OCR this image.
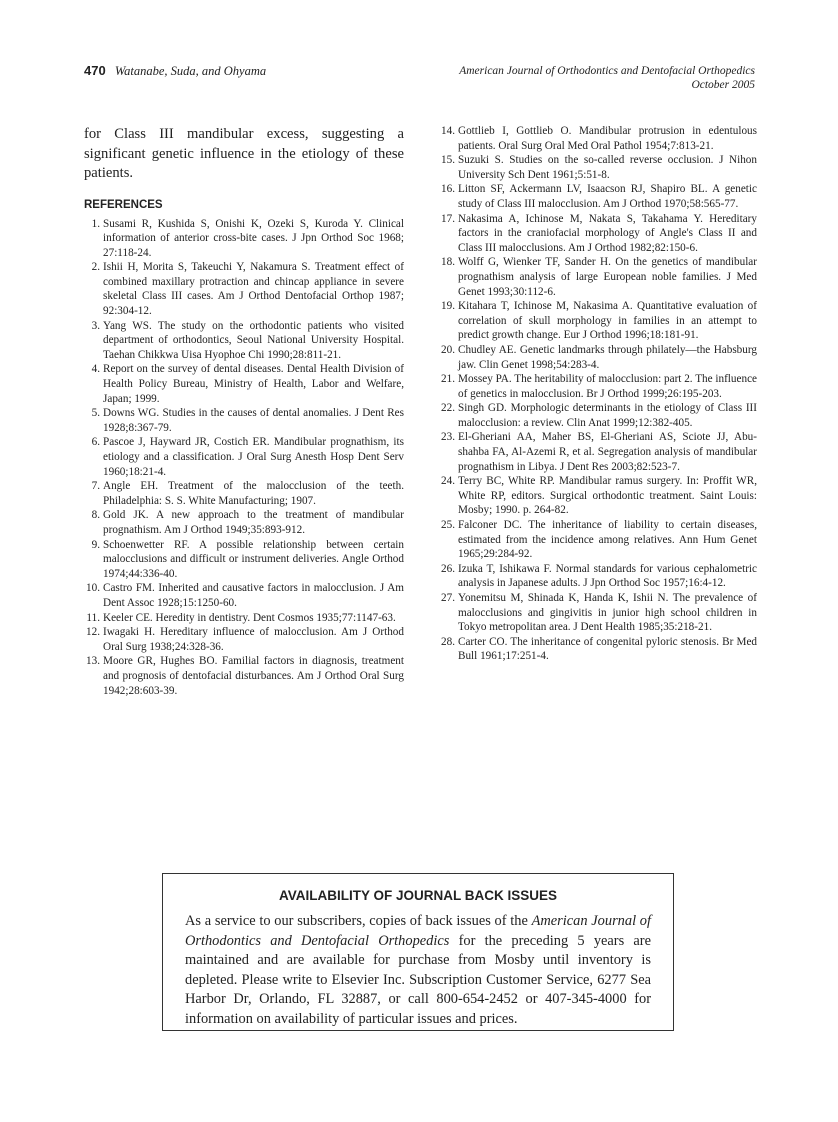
470 Watanabe, Suda, and Ohyama	American Journal of Orthodontics and Dentofacial Orthopedics
October 2005

for Class III mandibular excess, suggesting a significant genetic influence in the etiology of these patients.

REFERENCES
1. Susami R, Kushida S, Onishi K, Ozeki S, Kuroda Y. Clinical information of anterior cross-bite cases. J Jpn Orthod Soc 1968; 27:118-24.
2. Ishii H, Morita S, Takeuchi Y, Nakamura S. Treatment effect of combined maxillary protraction and chincap appliance in severe skeletal Class III cases. Am J Orthod Dentofacial Orthop 1987; 92:304-12.
3. Yang WS. The study on the orthodontic patients who visited department of orthodontics, Seoul National University Hospital. Taehan Chikkwa Uisa Hyophoe Chi 1990;28:811-21.
4. Report on the survey of dental diseases. Dental Health Division of Health Policy Bureau, Ministry of Health, Labor and Welfare, Japan; 1999.
5. Downs WG. Studies in the causes of dental anomalies. J Dent Res 1928;8:367-79.
6. Pascoe J, Hayward JR, Costich ER. Mandibular prognathism, its etiology and a classification. J Oral Surg Anesth Hosp Dent Serv 1960;18:21-4.
7. Angle EH. Treatment of the malocclusion of the teeth. Philadelphia: S. S. White Manufacturing; 1907.
8. Gold JK. A new approach to the treatment of mandibular prognathism. Am J Orthod 1949;35:893-912.
9. Schoenwetter RF. A possible relationship between certain malocclusions and difficult or instrument deliveries. Angle Orthod 1974;44:336-40.
10. Castro FM. Inherited and causative factors in malocclusion. J Am Dent Assoc 1928;15:1250-60.
11. Keeler CE. Heredity in dentistry. Dent Cosmos 1935;77:1147-63.
12. Iwagaki H. Hereditary influence of malocclusion. Am J Orthod Oral Surg 1938;24:328-36.
13. Moore GR, Hughes BO. Familial factors in diagnosis, treatment and prognosis of dentofacial disturbances. Am J Orthod Oral Surg 1942;28:603-39.
14. Gottlieb I, Gottlieb O. Mandibular protrusion in edentulous patients. Oral Surg Oral Med Oral Pathol 1954;7:813-21.
15. Suzuki S. Studies on the so-called reverse occlusion. J Nihon University Sch Dent 1961;5:51-8.
16. Litton SF, Ackermann LV, Isaacson RJ, Shapiro BL. A genetic study of Class III malocclusion. Am J Orthod 1970;58:565-77.
17. Nakasima A, Ichinose M, Nakata S, Takahama Y. Hereditary factors in the craniofacial morphology of Angle's Class II and Class III malocclusions. Am J Orthod 1982;82:150-6.
18. Wolff G, Wienker TF, Sander H. On the genetics of mandibular prognathism analysis of large European noble families. J Med Genet 1993;30:112-6.
19. Kitahara T, Ichinose M, Nakasima A. Quantitative evaluation of correlation of skull morphology in families in an attempt to predict growth change. Eur J Orthod 1996;18:181-91.
20. Chudley AE. Genetic landmarks through philately—the Habsburg jaw. Clin Genet 1998;54:283-4.
21. Mossey PA. The heritability of malocclusion: part 2. The influence of genetics in malocclusion. Br J Orthod 1999;26:195-203.
22. Singh GD. Morphologic determinants in the etiology of Class III malocclusion: a review. Clin Anat 1999;12:382-405.
23. El-Gheriani AA, Maher BS, El-Gheriani AS, Sciote JJ, Abu-shahba FA, Al-Azemi R, et al. Segregation analysis of mandibular prognathism in Libya. J Dent Res 2003;82:523-7.
24. Terry BC, White RP. Mandibular ramus surgery. In: Proffit WR, White RP, editors. Surgical orthodontic treatment. Saint Louis: Mosby; 1990. p. 264-82.
25. Falconer DC. The inheritance of liability to certain diseases, estimated from the incidence among relatives. Ann Hum Genet 1965;29:284-92.
26. Izuka T, Ishikawa F. Normal standards for various cephalometric analysis in Japanese adults. J Jpn Orthod Soc 1957;16:4-12.
27. Yonemitsu M, Shinada K, Handa K, Ishii N. The prevalence of malocclusions and gingivitis in junior high school children in Tokyo metropolitan area. J Dent Health 1985;35:218-21.
28. Carter CO. The inheritance of congenital pyloric stenosis. Br Med Bull 1961;17:251-4.
AVAILABILITY OF JOURNAL BACK ISSUES

As a service to our subscribers, copies of back issues of the American Journal of Orthodontics and Dentofacial Orthopedics for the preceding 5 years are maintained and are available for purchase from Mosby until inventory is depleted. Please write to Elsevier Inc. Subscription Customer Service, 6277 Sea Harbor Dr, Orlando, FL 32887, or call 800-654-2452 or 407-345-4000 for information on availability of particular issues and prices.
